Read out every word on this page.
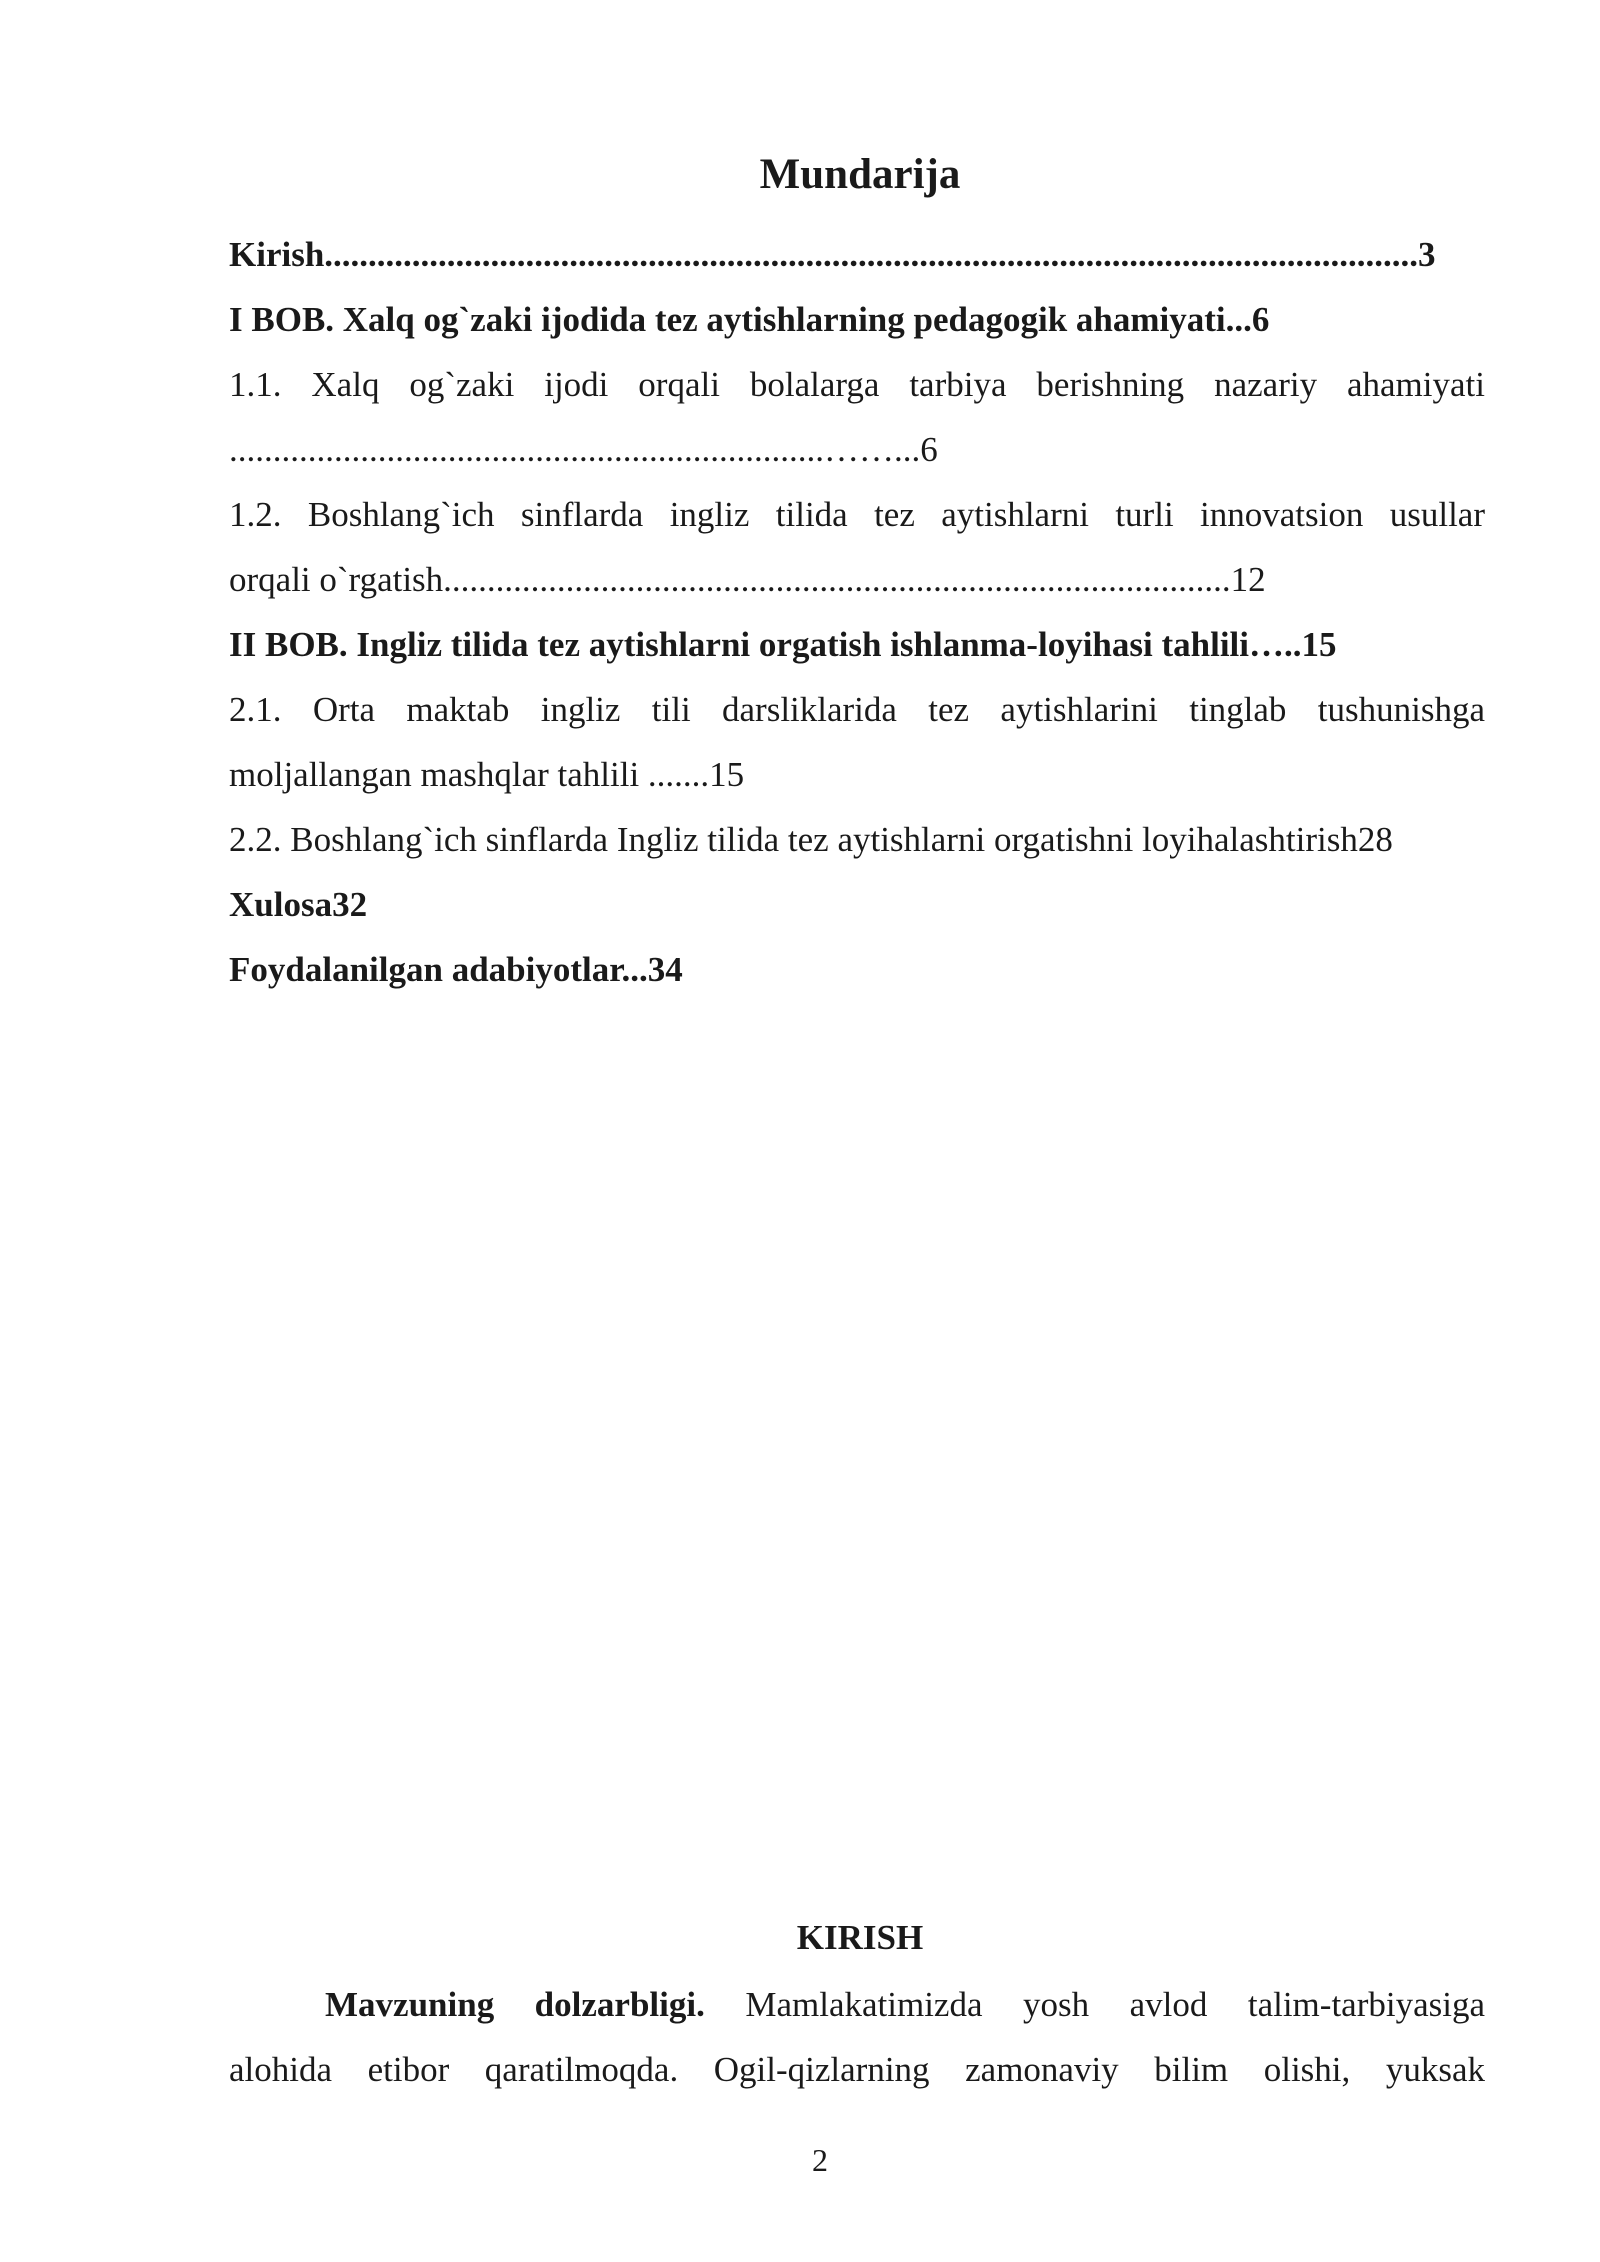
Mundarija
Kirish.............................................................................................................................3
I BOB. Xalq og`zaki ijodida tez aytishlarning pedagogik ahamiyati...6
1.1. Xalq og`zaki ijodi orqali bolalarga tarbiya berishning nazariy ahamiyati
....................................................................……...6
1.2. Boshlang`ich sinflarda ingliz tilida tez aytishlarni turli innovatsion usullar
orqali o`rgatish..........................................................................................12
II BOB. Ingliz tilida tez aytishlarni orgatish ishlanma-loyihasi tahlili…..15
2.1. Orta maktab ingliz tili darsliklarida tez aytishlarini tinglab tushunishga
moljallangan mashqlar tahlili .......15
2.2. Boshlang`ich sinflarda Ingliz tilida tez aytishlarni orgatishni loyihalashtirish28
Xulosa32
Foydalanilgan adabiyotlar...34
KIRISH
Mavzuning dolzarbligi. Mamlakatimizda yosh avlod talim-tarbiyasiga
alohida etibor qaratilmoqda. Ogil-qizlarning zamonaviy bilim olishi, yuksak
2
